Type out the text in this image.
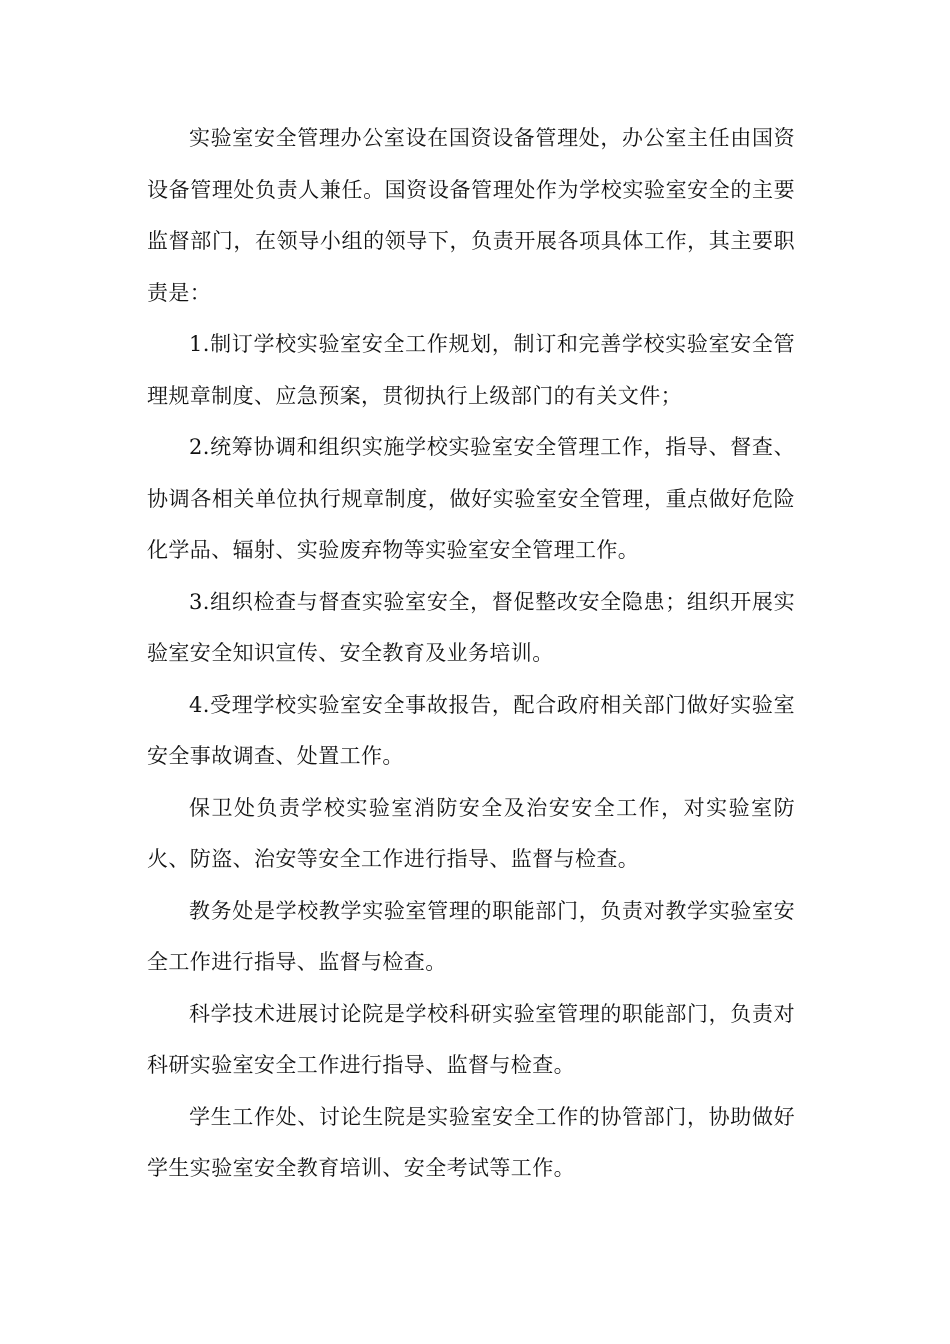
实验室安全管理办公室设在国资设备管理处，办公室主任由国资设备管理处负责人兼任。国资设备管理处作为学校实验室安全的主要监督部门，在领导小组的领导下，负责开展各项具体工作，其主要职责是：

1.制订学校实验室安全工作规划，制订和完善学校实验室安全管理规章制度、应急预案，贯彻执行上级部门的有关文件；

2.统筹协调和组织实施学校实验室安全管理工作，指导、督查、协调各相关单位执行规章制度，做好实验室安全管理，重点做好危险化学品、辐射、实验废弃物等实验室安全管理工作。

3.组织检查与督查实验室安全，督促整改安全隐患；组织开展实验室安全知识宣传、安全教育及业务培训。

4.受理学校实验室安全事故报告，配合政府相关部门做好实验室安全事故调查、处置工作。

保卫处负责学校实验室消防安全及治安安全工作，对实验室防火、防盗、治安等安全工作进行指导、监督与检查。

教务处是学校教学实验室管理的职能部门，负责对教学实验室安全工作进行指导、监督与检查。

科学技术进展讨论院是学校科研实验室管理的职能部门，负责对科研实验室安全工作进行指导、监督与检查。

学生工作处、讨论生院是实验室安全工作的协管部门，协助做好学生实验室安全教育培训、安全考试等工作。
